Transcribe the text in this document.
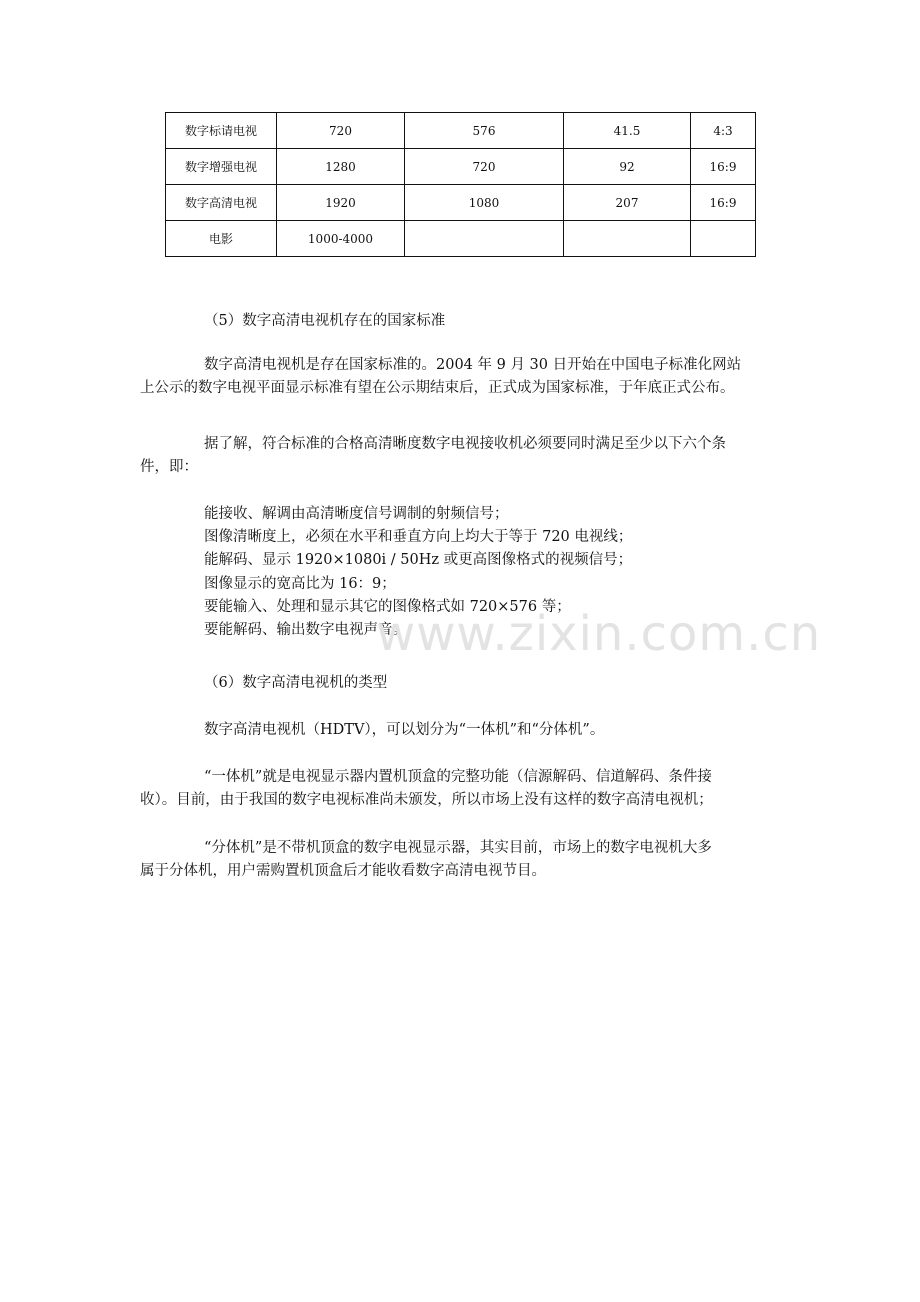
数字标请电视	720	576	41.5	4:3
数字增强电视	1280	720	92	16:9
数字高清电视	1920	1080	207	16:9
电影	1000-4000			
（5）数字高清电视机存在的国家标准
数字高清电视机是存在国家标准的。2004 年 9 月 30 日开始在中国电子标准化网站
上公示的数字电视平面显示标准有望在公示期结束后，正式成为国家标准，于年底正式公布。
据了解，符合标准的合格高清晰度数字电视接收机必须要同时满足至少以下六个条
件，即：
能接收、解调由高清晰度信号调制的射频信号；
图像清晰度上，必须在水平和垂直方向上均大于等于 720 电视线；
能解码、显示 1920×1080i / 50Hz 或更高图像格式的视频信号；
图像显示的宽高比为 16：9；
要能输入、处理和显示其它的图像格式如 720×576 等；
要能解码、输出数字电视声音。
（6）数字高清电视机的类型
数字高清电视机（HDTV），可以划分为“一体机”和“分体机”。
“一体机”就是电视显示器内置机顶盒的完整功能（信源解码、信道解码、条件接
收）。目前，由于我国的数字电视标准尚未颁发，所以市场上没有这样的数字高清电视机；
“分体机”是不带机顶盒的数字电视显示器，其实目前，市场上的数字电视机大多
属于分体机，用户需购置机顶盒后才能收看数字高清电视节目。
www.zixin.com.cn
